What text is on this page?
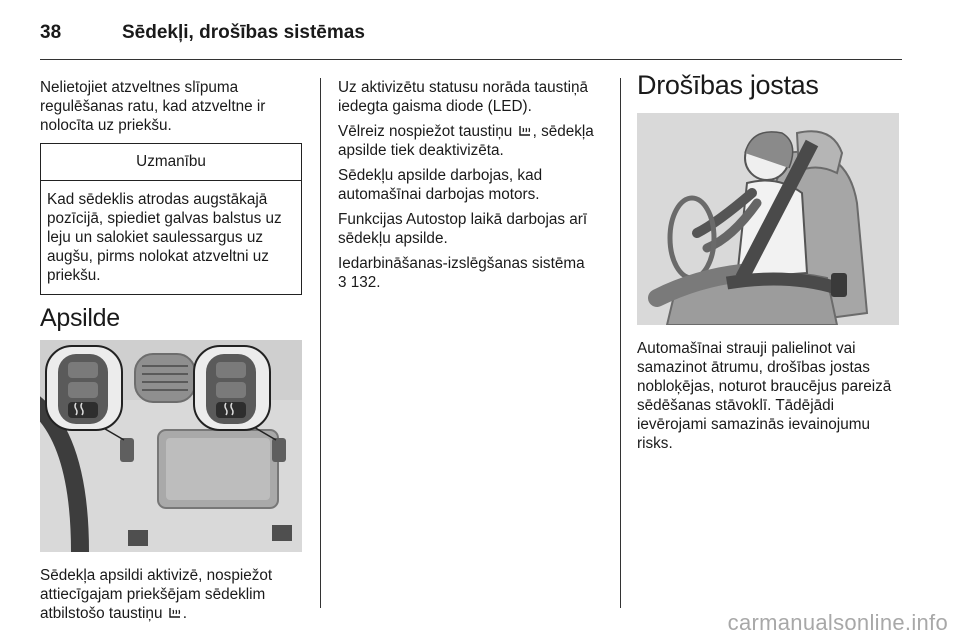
38	Sēdekļi, drošības sistēmas

Nelietojiet atzveltnes slīpuma regulēšanas ratu, kad atzveltne ir nolocīta uz priekšu.

Uzmanību
Kad sēdeklis atrodas augstākajā pozīcijā, spiediet galvas balstus uz leju un salokiet saulessargus uz augšu, pirms nolokat atzveltni uz priekšu.
Apsilde

Sēdekļa apsildi aktivizē, nospiežot attiecīgajam priekšējam sēdeklim atbilstošo taustiņu .

Uz aktivizētu statusu norāda taustiņā iedegta gaisma diode (LED).

Vēlreiz nospiežot taustiņu , sēdekļa apsilde tiek deaktivizēta.

Sēdekļu apsilde darbojas, kad automašīnai darbojas motors.

Funkcijas Autostop laikā darbojas arī sēdekļu apsilde.

Iedarbināšanas-izslēgšanas sistēma
3 132.

Drošības jostas

Automašīnai strauji palielinot vai samazinot ātrumu, drošības jostas nobloķējas, noturot braucējus pareizā sēdēšanas stāvoklī. Tādējādi ievērojami samazinās ievainojumu risks.

carmanualsonline.info
